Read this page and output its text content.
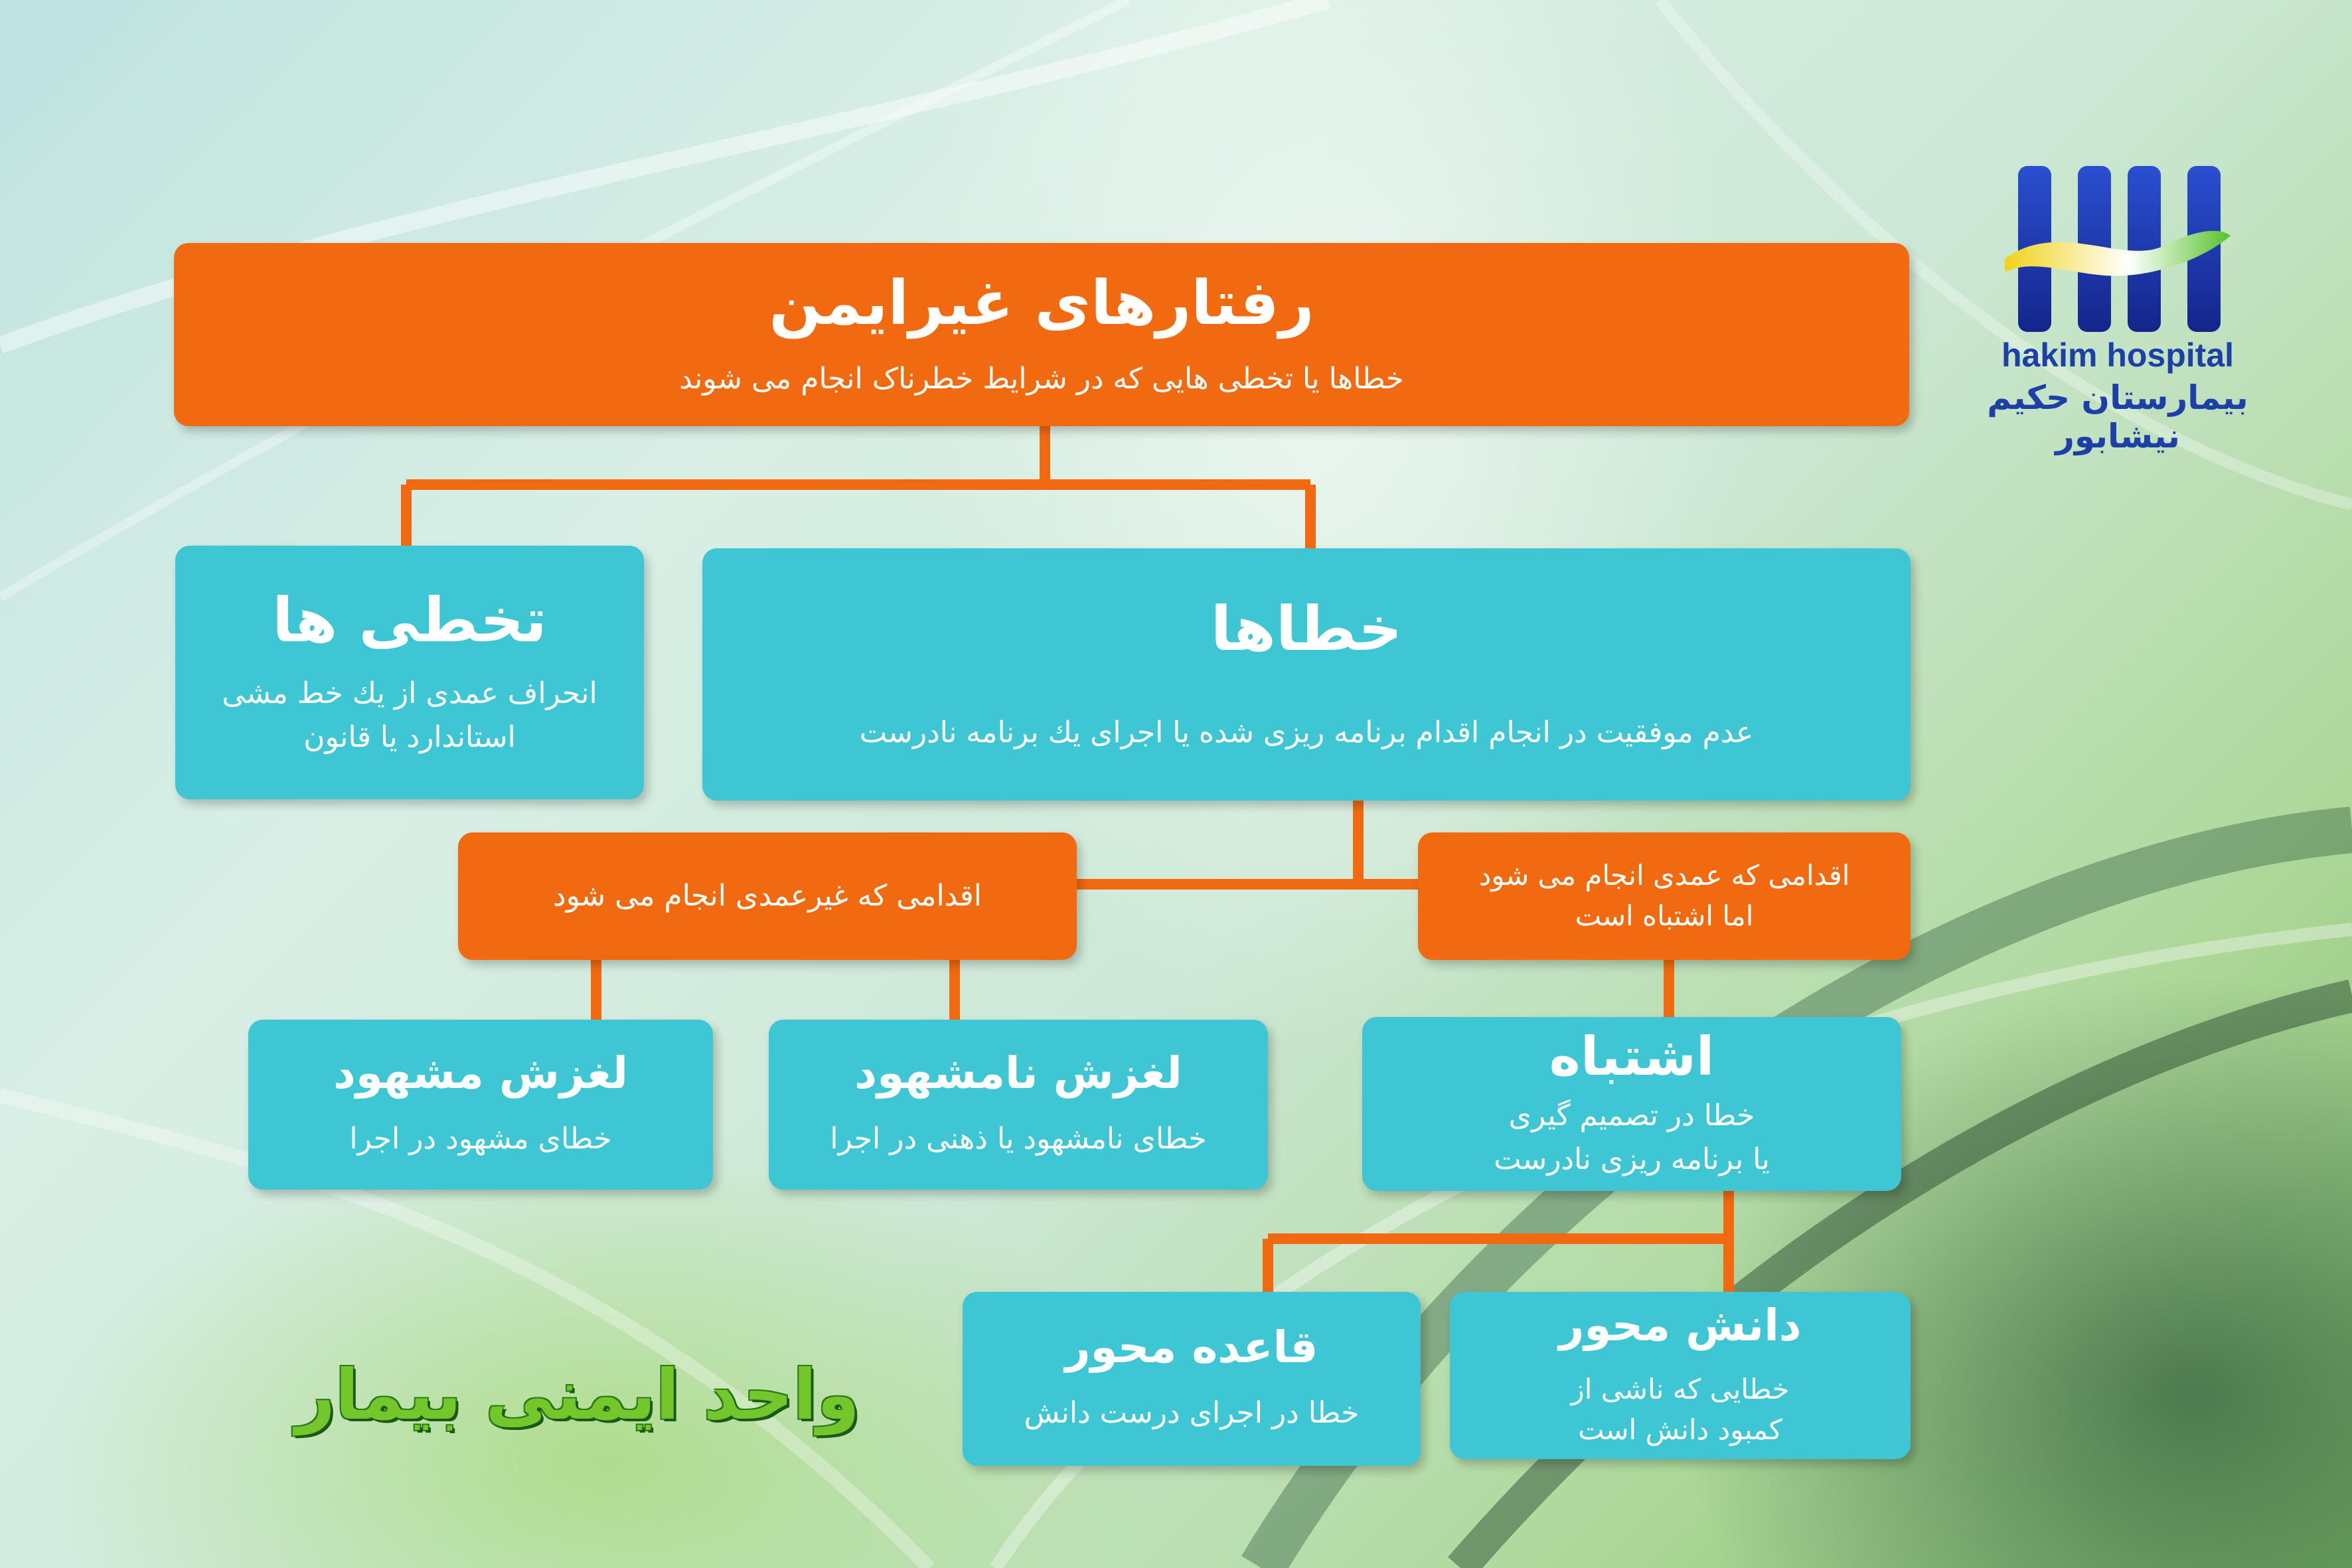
رفتارهای غیرایمن
خطاها یا تخطی هایی که در شرایط خطرناک انجام می شوند
تخطی ها
انحراف عمدی از یك خط مشی
استاندارد یا قانون
خطاها
عدم موفقیت در انجام اقدام برنامه ریزی شده یا اجرای یك برنامه نادرست
اقدامی که غیرعمدی انجام می شود
اقدامی که عمدی انجام می شود
اما اشتباه است
لغزش مشهود
خطای مشهود در اجرا
لغزش نامشهود
خطای نامشهود یا ذهنی در اجرا
اشتباه
خطا در تصمیم گیری
یا برنامه ریزی نادرست
قاعده محور
خطا در اجرای درست دانش
دانش محور
خطایی که ناشی از
کمبود دانش است
hakim hospital
بیمارستان حکیم نیشابور
واحد ایمنی بیمار
